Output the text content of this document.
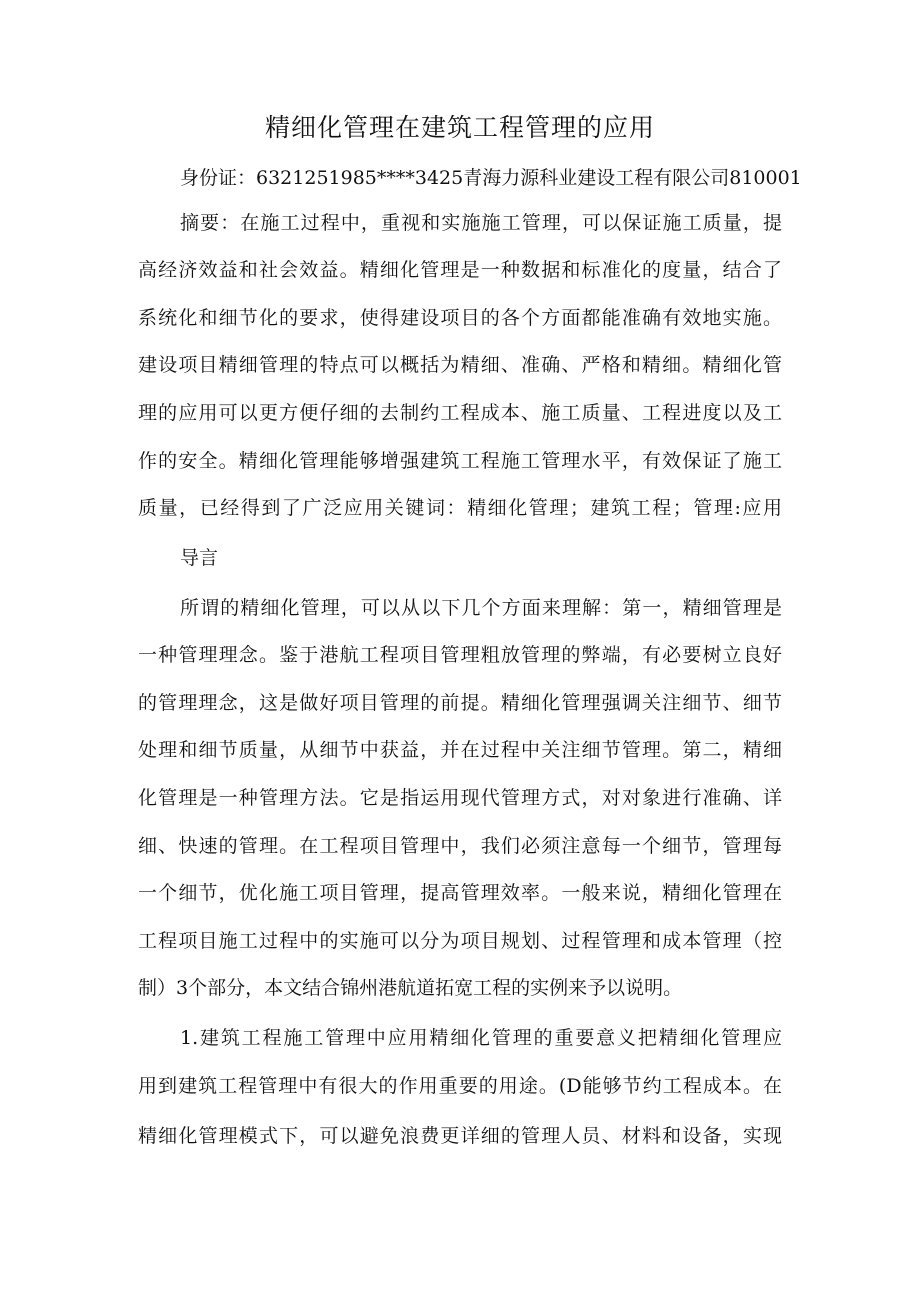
精细化管理在建筑工程管理的应用

身份证：6321251985****3425青海力源科业建设工程有限公司810001

摘要：在施工过程中，重视和实施施工管理，可以保证施工质量，提

高经济效益和社会效益。精细化管理是一种数据和标准化的度量，结合了

系统化和细节化的要求，使得建设项目的各个方面都能准确有效地实施。

建设项目精细管理的特点可以概括为精细、准确、严格和精细。精细化管

理的应用可以更方便仔细的去制约工程成本、施工质量、工程进度以及工

作的安全。精细化管理能够增强建筑工程施工管理水平，有效保证了施工

质量，已经得到了广泛应用关键词：精细化管理；建筑工程；管理:应用

导言

所谓的精细化管理，可以从以下几个方面来理解：第一，精细管理是

一种管理理念。鉴于港航工程项目管理粗放管理的弊端，有必要树立良好

的管理理念，这是做好项目管理的前提。精细化管理强调关注细节、细节

处理和细节质量，从细节中获益，并在过程中关注细节管理。第二，精细

化管理是一种管理方法。它是指运用现代管理方式，对对象进行准确、详

细、快速的管理。在工程项目管理中，我们必须注意每一个细节，管理每

一个细节，优化施工项目管理，提高管理效率。一般来说，精细化管理在

工程项目施工过程中的实施可以分为项目规划、过程管理和成本管理（控

制）3个部分，本文结合锦州港航道拓宽工程的实例来予以说明。

1.建筑工程施工管理中应用精细化管理的重要意义把精细化管理应

用到建筑工程管理中有很大的作用重要的用途。(D能够节约工程成本。在

精细化管理模式下，可以避免浪费更详细的管理人员、材料和设备，实现
